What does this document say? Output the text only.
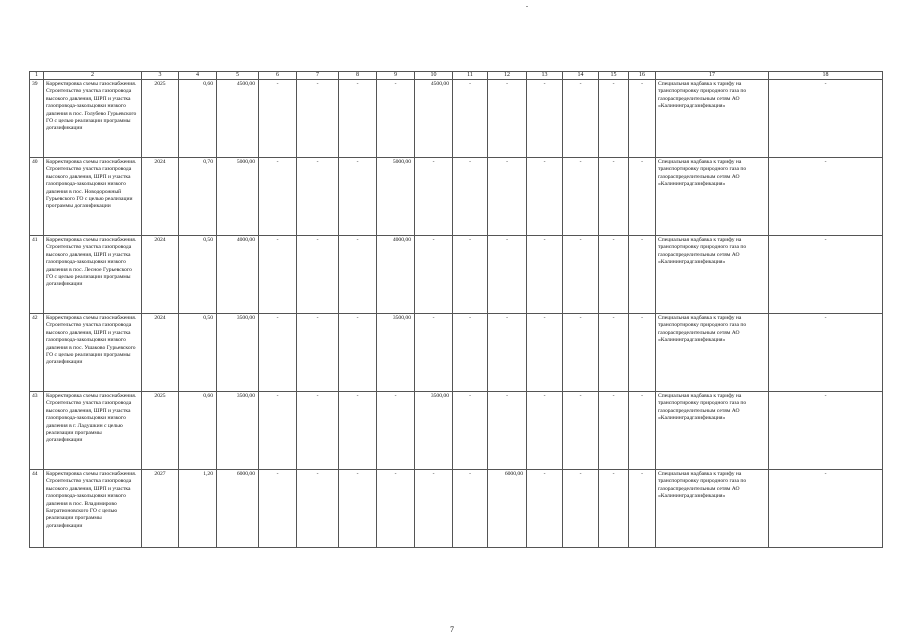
1	2	3	4	5	6	7	8	9	10	11	12	13	14	15	16	17	18
39	Корректировка схемы газоснабжения. Строительство участка газопровода высокого давления, ШРП и участка газопровода-закольцовки низкого давления в пос. Голубево Гурьевского ГО с целью реализации программы догазификации	2025	0,60	4500,00	-	-	-	-	4500,00	-	-	-	-	-	-	Специальная надбавка к тарифу на транспортировку природного газа по газораспределительным сетям АО «Калининградгазификация»	-
40	Корректировка схемы газоснабжения. Строительство участка газопровода высокого давления, ШРП и участка газопровода-закольцовки низкого давления в пос. Новодорожный Гурьевского ГО с целью реализации программы догазификации	2024	0,70	5000,00	-	-	-	5000,00	-	-	-	-	-	-	-	Специальная надбавка к тарифу на транспортировку природного газа по газораспределительным сетям АО «Калининградгазификация»	-
41	Корректировка схемы газоснабжения. Строительство участка газопровода высокого давления, ШРП и участка газопровода-закольцовки низкого давления в пос. Лесное Гурьевского ГО с целью реализации программы догазификации	2024	0,50	4000,00	-	-	-	4000,00	-	-	-	-	-	-	-	Специальная надбавка к тарифу на транспортировку природного газа по газораспределительным сетям АО «Калининградгазификация»	-
42	Корректировка схемы газоснабжения. Строительство участка газопровода высокого давления, ШРП и участка газопровода-закольцовки низкого давления в пос. Ушаково Гурьевского ГО с целью реализации программы догазификации	2024	0,50	3500,00	-	-	-	3500,00	-	-	-	-	-	-	-	Специальная надбавка к тарифу на транспортировку природного газа по газораспределительным сетям АО «Калининградгазификация»	-
43	Корректировка схемы газоснабжения. Строительство участка газопровода высокого давления, ШРП и участка газопровода-закольцовки низкого давления в г. Ладушкин с целью реализации программы догазификации	2025	0,60	3500,00	-	-	-	-	3500,00	-	-	-	-	-	-	Специальная надбавка к тарифу на транспортировку природного газа по газораспределительным сетям АО «Калининградгазификация»	-
44	Корректировка схемы газоснабжения. Строительство участка газопровода высокого давления, ШРП и участка газопровода-закольцовки низкого давления в пос. Владимирово Багратионовского ГО с целью реализации программы догазификации	2027	1,20	6000,00	-	-	-	-	-	-	6000,00	-	-	-	-	Специальная надбавка к тарифу на транспортировку природного газа по газораспределительным сетям АО «Калининградгазификация»	-
7
